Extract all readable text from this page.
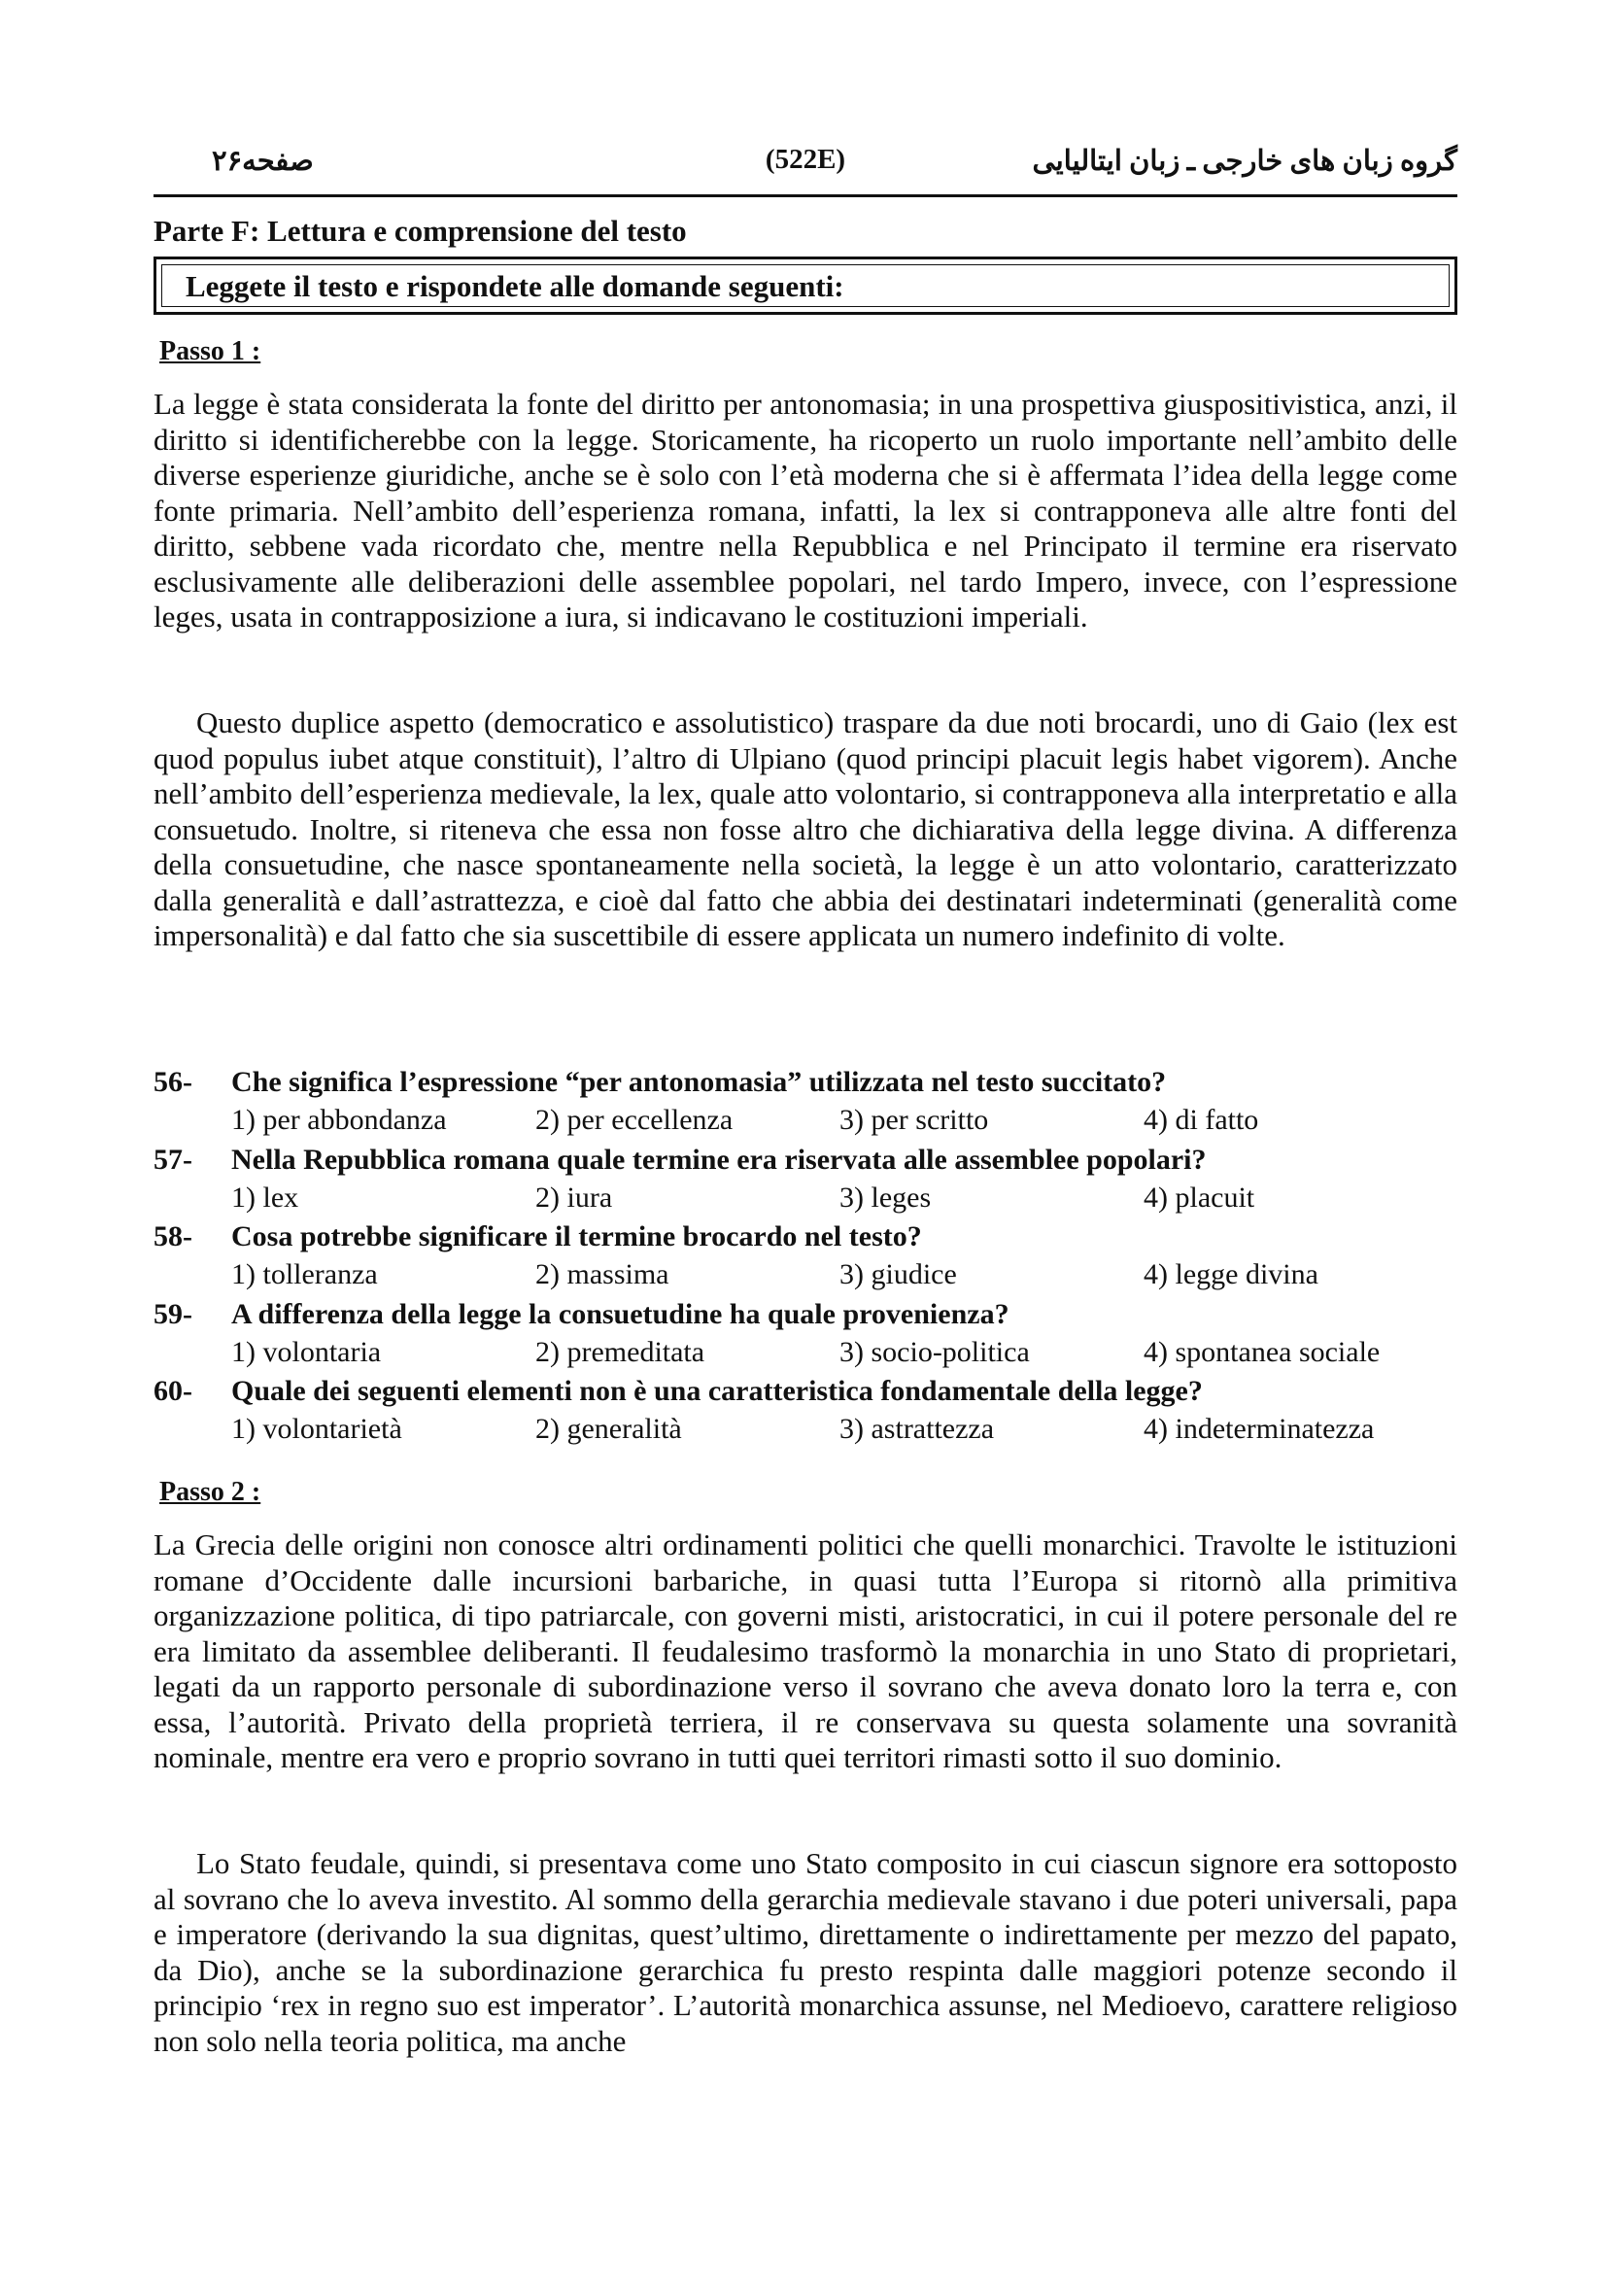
گروه زبان های خارجی ـ زبان ایتالیایی
(522E)
صفحه۲۶
Parte F: Lettura e comprensione del testo
Leggete il testo e rispondete alle domande seguenti:
Passo 1 :

La legge è stata considerata la fonte del diritto per antonomasia; in una prospettiva giuspositivistica, anzi, il diritto si identificherebbe con la legge. Storicamente, ha ricoperto un ruolo importante nell’ambito delle diverse esperienze giuridiche, anche se è solo con l’età moderna che si è affermata l’idea della legge come fonte primaria. Nell’ambito dell’esperienza romana, infatti, la lex si contrapponeva alle altre fonti del diritto, sebbene vada ricordato che, mentre nella Repubblica e nel Principato il termine era riservato esclusivamente alle deliberazioni delle assemblee popolari, nel tardo Impero, invece, con l’espressione leges, usata in contrapposizione a iura, si indicavano le costituzioni imperiali.

Questo duplice aspetto (democratico e assolutistico) traspare da due noti brocardi, uno di Gaio (lex est quod populus iubet atque constituit), l’altro di Ulpiano (quod principi placuit legis habet vigorem). Anche nell’ambito dell’esperienza medievale, la lex, quale atto volontario, si contrapponeva alla interpretatio e alla consuetudo. Inoltre, si riteneva che essa non fosse altro che dichiarativa della legge divina. A differenza della consuetudine, che nasce spontaneamente nella società, la legge è un atto volontario, caratterizzato dalla generalità e dall’astrattezza, e cioè dal fatto che abbia dei destinatari indeterminati (generalità come impersonalità) e dal fatto che sia suscettibile di essere applicata un numero indefinito di volte.

56- Che significa l’espressione “per antonomasia” utilizzata nel testo succitato?
1) per abbondanza	2) per eccellenza	3) per scritto	4) di fatto
57- Nella Repubblica romana quale termine era riservata alle assemblee popolari?
1) lex	2) iura	3) leges	4) placuit
58- Cosa potrebbe significare il termine brocardo nel testo?
1) tolleranza	2) massima	3) giudice	4) legge divina
59- A differenza della legge la consuetudine ha quale provenienza?
1) volontaria	2) premeditata	3) socio-politica	4) spontanea sociale
60- Quale dei seguenti elementi non è una caratteristica fondamentale della legge?
1) volontarietà	2) generalità	3) astrattezza	4) indeterminatezza
Passo 2 :

La Grecia delle origini non conosce altri ordinamenti politici che quelli monarchici. Travolte le istituzioni romane d’Occidente dalle incursioni barbariche, in quasi tutta l’Europa si ritornò alla primitiva organizzazione politica, di tipo patriarcale, con governi misti, aristocratici, in cui il potere personale del re era limitato da assemblee deliberanti. Il feudalesimo trasformò la monarchia in uno Stato di proprietari, legati da un rapporto personale di subordinazione verso il sovrano che aveva donato loro la terra e, con essa, l’autorità. Privato della proprietà terriera, il re conservava su questa solamente una sovranità nominale, mentre era vero e proprio sovrano in tutti quei territori rimasti sotto il suo dominio.

Lo Stato feudale, quindi, si presentava come uno Stato composito in cui ciascun signore era sottoposto al sovrano che lo aveva investito. Al sommo della gerarchia medievale stavano i due poteri universali, papa e imperatore (derivando la sua dignitas, quest’ultimo, direttamente o indirettamente per mezzo del papato, da Dio), anche se la subordinazione gerarchica fu presto respinta dalle maggiori potenze secondo il principio ‘rex in regno suo est imperator’. L’autorità monarchica assunse, nel Medioevo, carattere religioso non solo nella teoria politica, ma anche
